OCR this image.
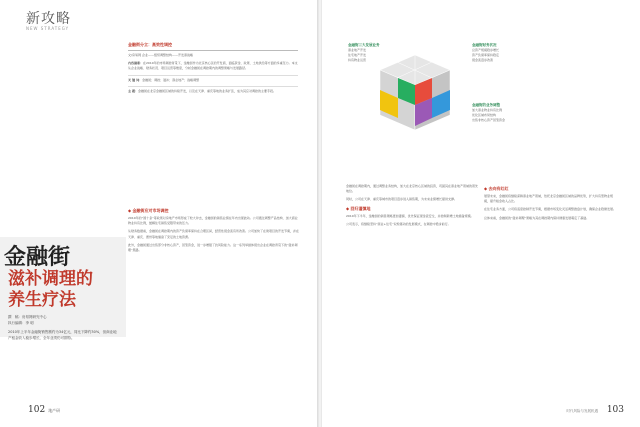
新攻略
NEW STRATEGY
金融街分立：高效性调控

文/房易网 企业——组织调整结构——开发商战略

内容摘要：在2010年的市场调控背景下，金融街作为北京核心区的开发商，面临资金、政策、土地供给等方面的多重压力。本文从企业战略、财务状况、项目运营等维度，分析金融街在调控期内的调整策略与发展路径。

关 键 词：金融街；调控；滋补；商业地产；战略调整

主 题：金融街在北京金融街区域的持续开发，以及在天津、重庆等地的业务扩张，成为其应对调控的主要手段。

◆ 金融街应对市场调控

2010年的“国十条”等政策对房地产市场形成了较大冲击，金融街的销售业绩在年内出现波动。公司通过调整产品结构、加大商业物业持有比例，缓解住宅销售受限带来的压力。

从财务数据看，金融街在调控期内的资产负债率保持在合理区间，经营性现金流有所改善。公司加快了在建项目的开发节奏，并在天津、重庆、惠州等地储备了充足的土地资源。

此外，金融街通过出售部分非核心资产，回笼资金，进一步增强了抗风险能力。这一系列举措体现出企业在调控背景下的“滋补调理”思路。

金融街
滋补调理的
养生疗法
撰　稿：房易网研究中心
执行编辑：李 明
2010年上半年金融街销售额约为34亿元，同比下降约30%，但商业地产租金收入稳步增长，全年业绩仍可期待。
102 地产研
金融街三大发展业务
商业地产开发
住宅地产开发
持有物业运营
金融街财务状况
总资产规模稳步增长
资产负债率保持稳定
现金流逐步改善
金融街的业务调整
加大商业物业持有比例
优化区域布局结构
出售非核心资产回笼资金

金融街在调控期内，通过调整业务结构，加大在北京核心区域的投资，巩固其在商业地产领域的领先地位。

同时，公司在天津、重庆等城市的项目逐步进入销售期，为未来业绩增长提供支撑。

◆ 回归谨慎地

2010年下半年，金融街的销售策略更加谨慎，优先保证现金流安全，并控制新增土地储备规模。

公司表示，将继续坚持“商业+住宅”双轮驱动的发展模式，在调控中稳步前行。

◆ 去向有红红

展望未来，金融街将继续深耕商业地产领域，依托北京金融街区域的品牌优势，扩大持有型物业规模，提升租金收入占比。

在住宅业务方面，公司将适度控制开发节奏，根据市场变化灵活调整推盘计划，确保企业稳健发展。

总体来看，金融街的“滋补调理”策略为其在调控期内保持健康发展奠定了基础。

时代风险与发展机遇 103
